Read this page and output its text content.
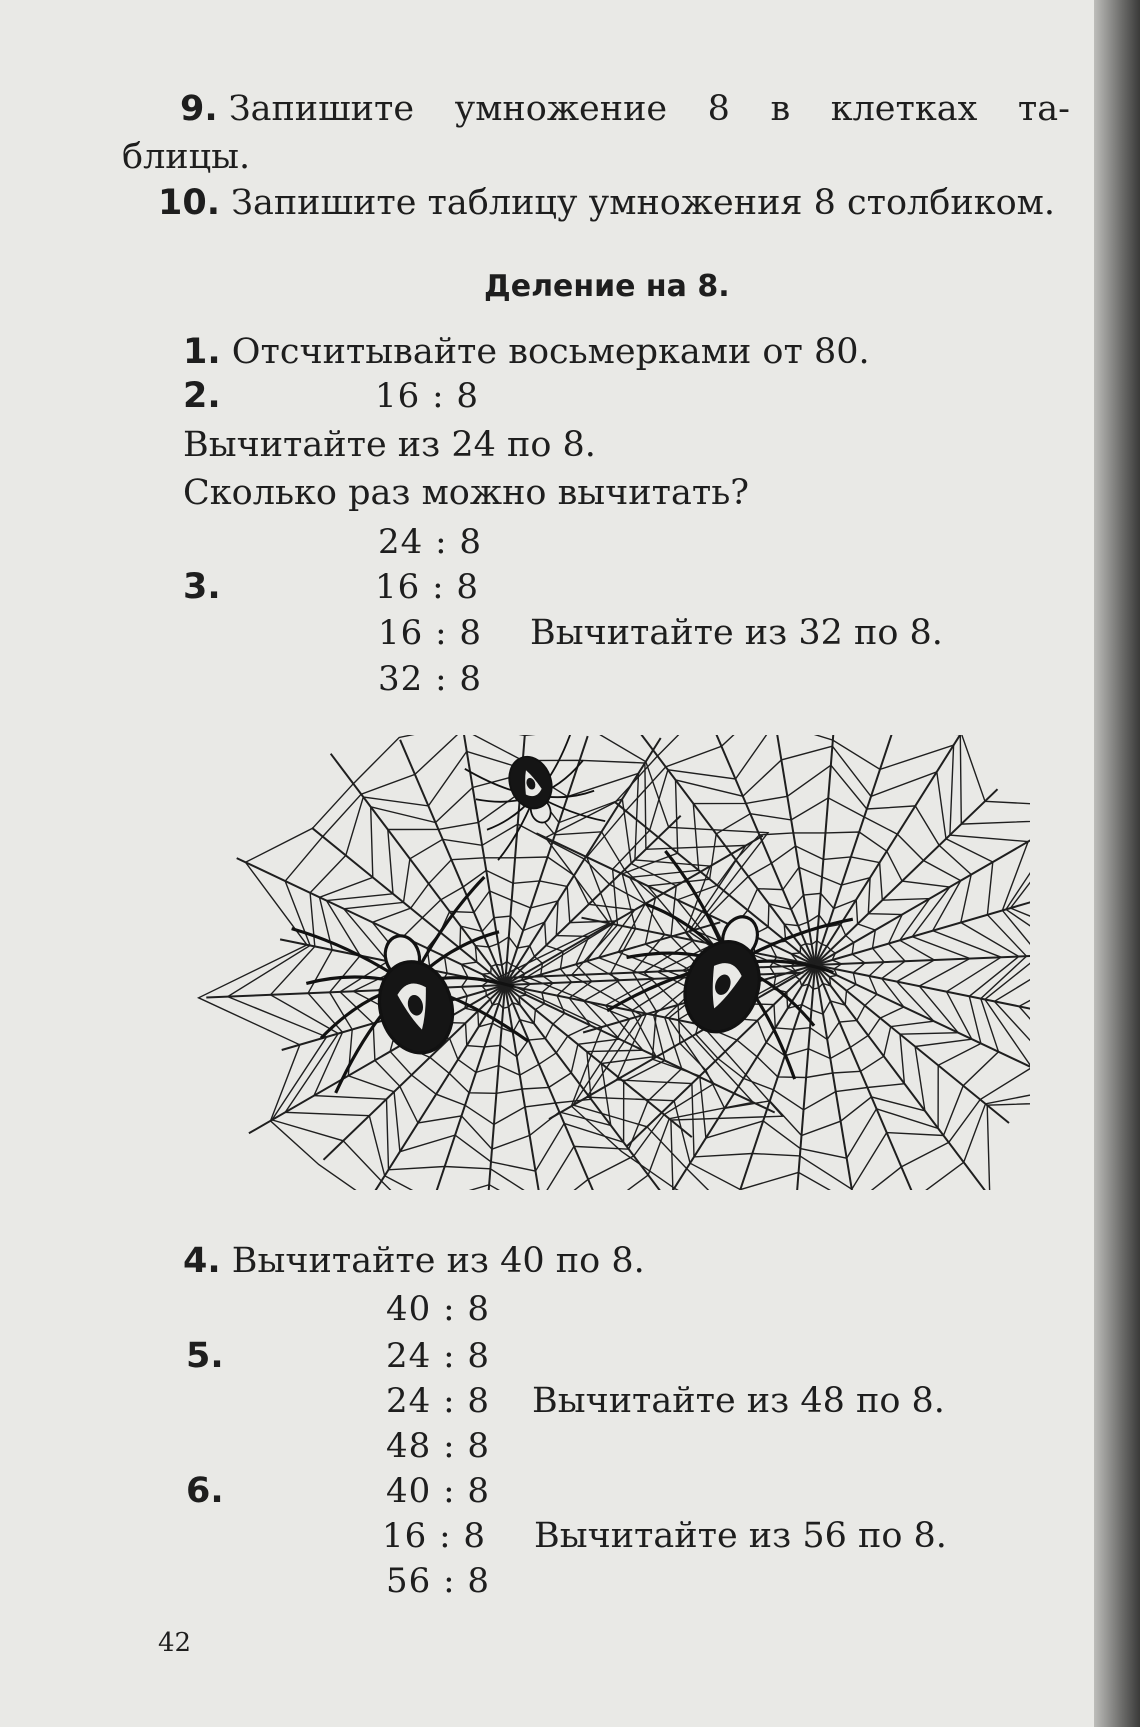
9. Запишите умножение 8 в клетках та-
блицы.
10. Запишите таблицу умножения 8 столбиком.
Деление на 8.
1. Отсчитывайте восьмерками от 80.
2.	16 : 8
Вычитайте из 24 по 8.
Сколько раз можно вычитать?
24 : 8
3.	16 : 8
16 : 8 Вычитайте из 32 по 8.
32 : 8
4. Вычитайте из 40 по 8.
40 : 8
5.	24 : 8
24 : 8 Вычитайте из 48 по 8.
48 : 8
6.	40 : 8
16 : 8 Вычитайте из 56 по 8.
56 : 8
42
